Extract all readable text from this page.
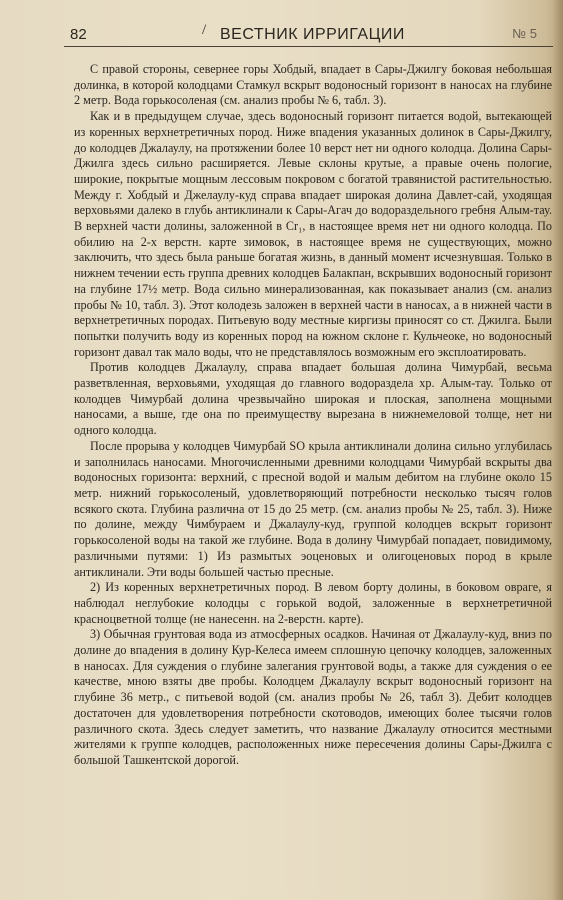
82	/ ВЕСТНИК ИРРИГАЦИИ	№ 5

С правой стороны, севернее горы Хобдый, впадает в Сары-Джилгу боковая небольшая долинка, в которой колодцами Стамкул вскрыт водоносный горизонт в наносах на глубине 2 метр. Вода горькосоленая (см. анализ пробы № 6, табл. 3).

Как и в предыдущем случае, здесь водоносный горизонт питается водой, вытекающей из коренных верхнетретичных пород. Ниже впадения указанных долинок в Сары-Джилгу, до колодцев Джалаулу, на протяжении более 10 верст нет ни одного колодца. Долина Сары-Джилга здесь сильно расширяется. Левые склоны крутые, а правые очень пологие, широкие, покрытые мощным лессовым покровом с богатой травянистой растительностью. Между г. Хобдый и Джелаулу-куд справа впадает широкая долина Давлет-сай, уходящая верховьями далеко в глубь антиклинали к Сары-Агач до водораздельного гребня Алым-тау. В верхней части долины, заложенной в Cr₁, в настоящее время нет ни одного колодца. По обилию на 2-х верстн. карте зимовок, в настоящее время не существующих, можно заключить, что здесь была раньше богатая жизнь, в данный момент исчезнувшая. Только в нижнем течении есть группа древних колодцев Балакпан, вскрывших водоносный горизонт на глубине 17½ метр. Вода сильно минерализованная, как показывает анализ (см. анализ пробы № 10, табл. 3). Этот колодезь заложен в верхней части в наносах, а в нижней части в верхнетретичных породах. Питьевую воду местные киргизы приносят со ст. Джилга. Были попытки получить воду из коренных пород на южном склоне г. Кульчеоке, но водоносный горизонт давал так мало воды, что не представлялось возможным его эксплоатировать.

Против колодцев Джалаулу, справа впадает большая долина Чимурбай, весьма разветвленная, верховьями, уходящая до главного водораздела хр. Алым-тау. Только от колодцев Чимурбай долина чрезвычайно широкая и плоская, заполнена мощными наносами, а выше, где она по преимуществу вырезана в нижнемеловой толще, нет ни одного колодца.

После прорыва у колодцев Чимурбай SO крыла антиклинали долина сильно углубилась и заполнилась наносами. Многочисленными древними колодцами Чимурбай вскрыты два водоносных горизонта: верхний, с пресной водой и малым дебитом на глубине около 15 метр. нижний горькосоленый, удовлетворяющий потребности несколько тысяч голов всякого скота. Глубина различна от 15 до 25 метр. (см. анализ пробы № 25, табл. 3). Ниже по долине, между Чимбураем и Джалаулу-куд, группой колодцев вскрыт горизонт горькосоленой воды на такой же глубине. Вода в долину Чимурбай попадает, повидимому, различными путями: 1) Из размытых эоценовых и олигоценовых пород в крыле антиклинали. Эти воды большей частью пресные.

2) Из коренных верхнетретичных пород. В левом борту долины, в боковом овраге, я наблюдал неглубокие колодцы с горькой водой, заложенные в верхнетретичной красноцветной толще (не нанесенн. на 2-верстн. карте).

3) Обычная грунтовая вода из атмосферных осадков. Начиная от Джалаулу-куд, вниз по долине до впадения в долину Кур-Келеса имеем сплошную цепочку колодцев, заложенных в наносах. Для суждения о глубине залегания грунтовой воды, а также для суждения о ее качестве, мною взяты две пробы. Колодцем Джалаулу вскрыт водоносный горизонт на глубине 36 метр., с питьевой водой (см. анализ пробы № 26, табл 3). Дебит колодцев достаточен для удовлетворения потребности скотоводов, имеющих более тысячи голов различного скота. Здесь следует заметить, что название Джалаулу относится местными жителями к группе колодцев, расположенных ниже пересечения долины Сары-Джилга с большой Ташкентской дорогой.
